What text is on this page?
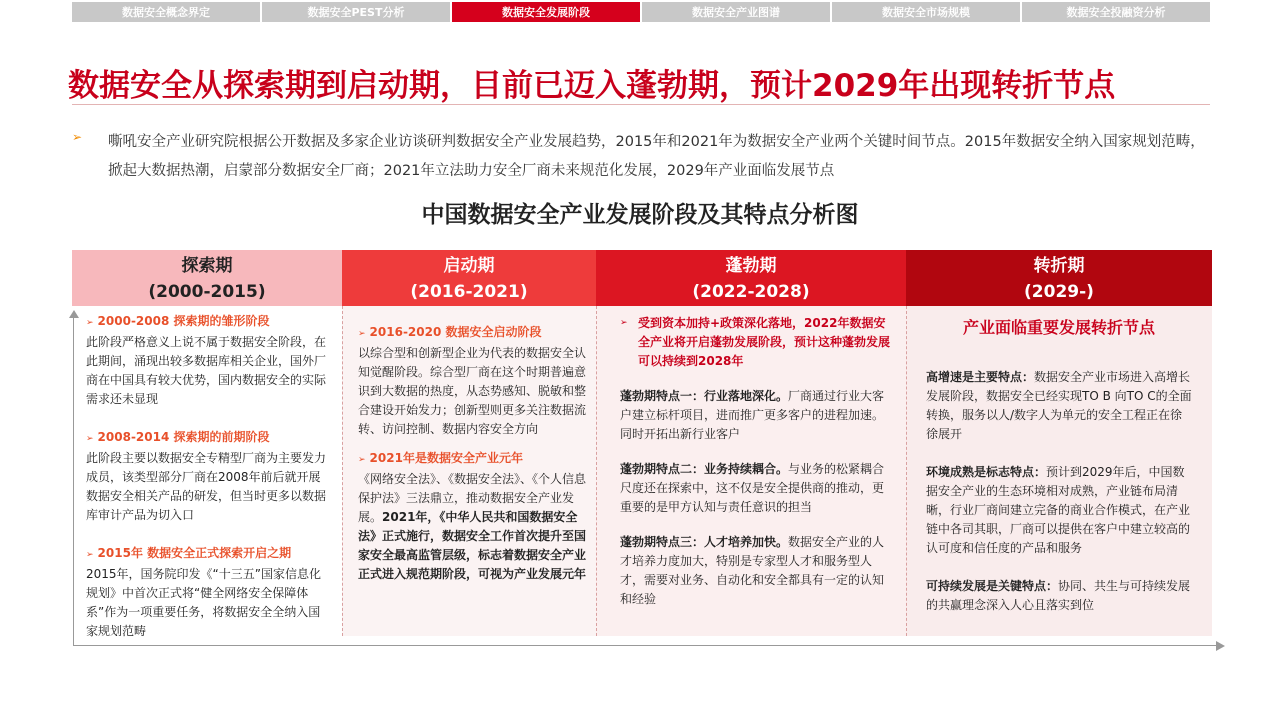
数据安全概念界定	数据安全PEST分析	数据安全发展阶段	数据安全产业图谱	数据安全市场规模	数据安全投融资分析
数据安全从探索期到启动期，目前已迈入蓬勃期，预计2029年出现转折节点
➢ 嘶吼安全产业研究院根据公开数据及多家企业访谈研判数据安全产业发展趋势，2015年和2021年为数据安全产业两个关键时间节点。2015年数据安全纳入国家规划范畴，掀起大数据热潮，启蒙部分数据安全厂商；2021年立法助力安全厂商未来规范化发展，2029年产业面临发展节点

中国数据安全产业发展阶段及其特点分析图
探索期
(2000-2015)
启动期
(2016-2021)
蓬勃期
(2022-2028)
转折期
(2029-)
➢ 2000-2008 探索期的雏形阶段
此阶段严格意义上说不属于数据安全阶段，在此期间，涌现出较多数据库相关企业，国外厂商在中国具有较大优势，国内数据安全的实际需求还未显现
➢ 2008-2014 探索期的前期阶段
此阶段主要以数据安全专精型厂商为主要发力成员，该类型部分厂商在2008年前后就开展数据安全相关产品的研发，但当时更多以数据库审计产品为切入口
➢ 2015年 数据安全正式探索开启之期
2015年，国务院印发《“十三五”国家信息化规划》中首次正式将“健全网络安全保障体系”作为一项重要任务，将数据安全全纳入国家规划范畴
➢ 2016-2020 数据安全启动阶段
以综合型和创新型企业为代表的数据安全认知觉醒阶段。综合型厂商在这个时期普遍意识到大数据的热度，从态势感知、脱敏和整合建设开始发力；创新型则更多关注数据流转、访问控制、数据内容安全方向
➢ 2021年是数据安全产业元年
《网络安全法》、《数据安全法》、《个人信息保护法》三法鼎立，推动数据安全产业发展。2021年，《中华人民共和国数据安全法》正式施行，数据安全工作首次提升至国家安全最高监管层级，标志着数据安全产业正式进入规范期阶段，可视为产业发展元年
➢ 受到资本加持+政策深化落地，2022年数据安全产业将开启蓬勃发展阶段，预计这种蓬勃发展可以持续到2028年
蓬勃期特点一：行业落地深化。厂商通过行业大客户建立标杆项目，进而推广更多客户的进程加速。同时开拓出新行业客户
蓬勃期特点二：业务持续耦合。与业务的松紧耦合尺度还在探索中，这不仅是安全提供商的推动，更重要的是甲方认知与责任意识的担当
蓬勃期特点三：人才培养加快。数据安全产业的人才培养力度加大，特别是专家型人才和服务型人才，需要对业务、自动化和安全都具有一定的认知和经验
产业面临重要发展转折节点
高增速是主要特点：数据安全产业市场进入高增长发展阶段，数据安全已经实现TO B 向TO C的全面转换，服务以人/数字人为单元的安全工程正在徐徐展开
环境成熟是标志特点：预计到2029年后，中国数据安全产业的生态环境相对成熟，产业链布局清晰，行业厂商间建立完备的商业合作模式，在产业链中各司其职，厂商可以提供在客户中建立较高的认可度和信任度的产品和服务
可持续发展是关键特点：协同、共生与可持续发展的共赢理念深入人心且落实到位
